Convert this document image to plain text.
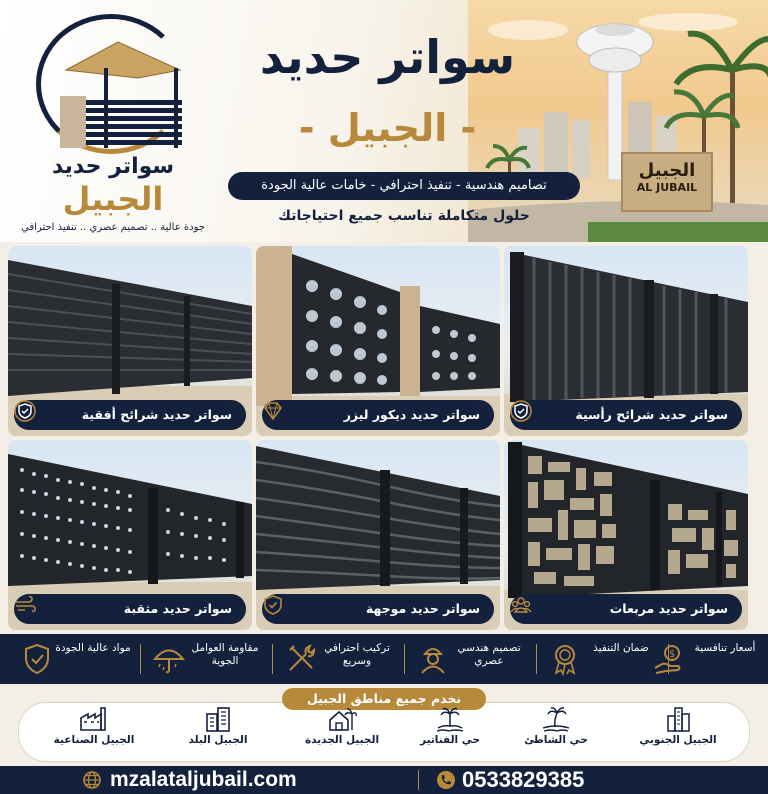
الجبيل
AL JUBAIL
سواتر حديد
الجبيل
جودة عالية .. تصميم عصري .. تنفيذ احترافي
سواتر حديد
- الجبيل -
تصاميم هندسية - تنفيذ احترافي - خامات عالية الجودة
حلول متكاملة تناسب جميع احتياجاتك
سواتر حديد شرائح أفقية	سواتر حديد ديكور ليزر	سواتر حديد شرائح رأسية
سواتر حديد مثقبة	سواتر حديد موجهة	سواتر حديد مربعات
مواد عالية الجودة	مقاومة العوامل الجوية
تركيب احترافي وسريع
تصميم هندسي عصري
ضمان التنفيذ
$
أسعار تنافسية
نخدم جميع مناطق الجبيل
الجبيل الصناعية	الجبيل البلد	الجبيل الجديدة	حي الفناتير	حي الشاطئ	الجبيل الجنوبي
mzalataljubail.com	0533829385
